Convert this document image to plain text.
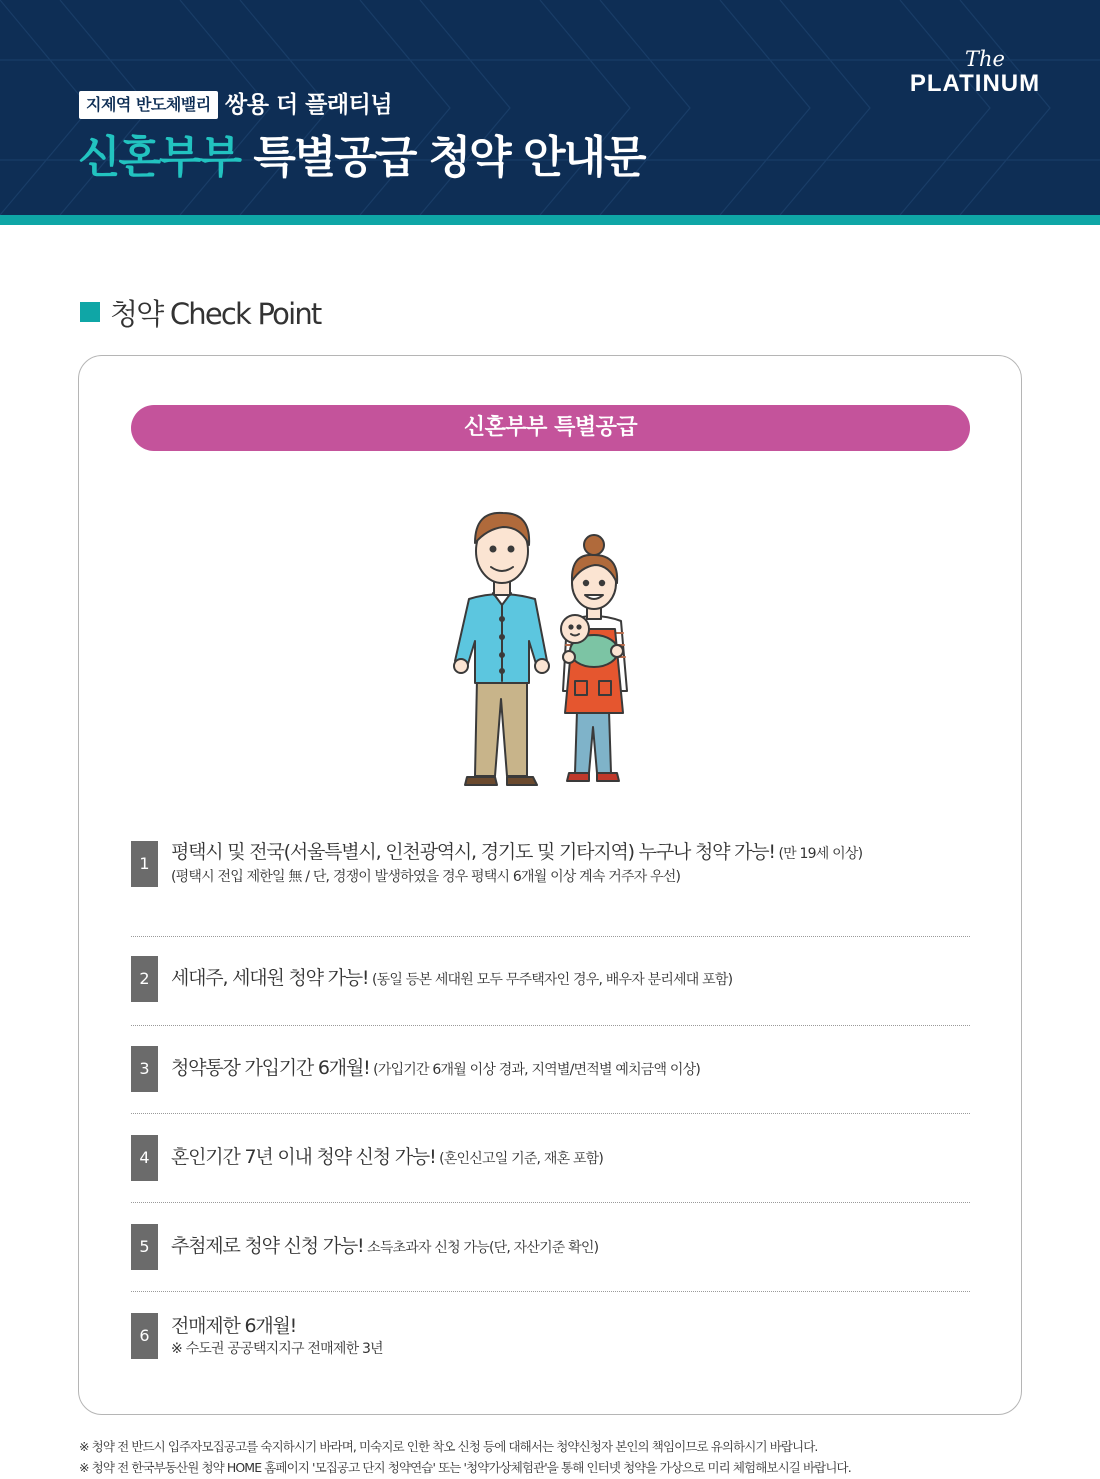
지제역 반도체밸리 쌍용 더 플래티넘
신혼부부 특별공급 청약 안내문
The
PLATINUM
청약 Check Point
신혼부부 특별공급
1	평택시 및 전국(서울특별시, 인천광역시, 경기도 및 기타지역) 누구나 청약 가능! (만 19세 이상)
(평택시 전입 제한일 無 / 단, 경쟁이 발생하였을 경우 평택시 6개월 이상 계속 거주자 우선)
2	세대주, 세대원 청약 가능! (동일 등본 세대원 모두 무주택자인 경우, 배우자 분리세대 포함)
3	청약통장 가입기간 6개월! (가입기간 6개월 이상 경과, 지역별/면적별 예치금액 이상)
4	혼인기간 7년 이내 청약 신청 가능! (혼인신고일 기준, 재혼 포함)
5	추첨제로 청약 신청 가능! 소득초과자 신청 가능(단, 자산기준 확인)
6	전매제한 6개월!
※ 수도권 공공택지지구 전매제한 3년
※ 청약 전 반드시 입주자모집공고를 숙지하시기 바라며, 미숙지로 인한 착오 신청 등에 대해서는 청약신청자 본인의 책임이므로 유의하시기 바랍니다.
※ 청약 전 한국부동산원 청약 HOME 홈페이지 '모집공고 단지 청약연습' 또는 '청약가상체험관'을 통해 인터넷 청약을 가상으로 미리 체험해보시길 바랍니다.
